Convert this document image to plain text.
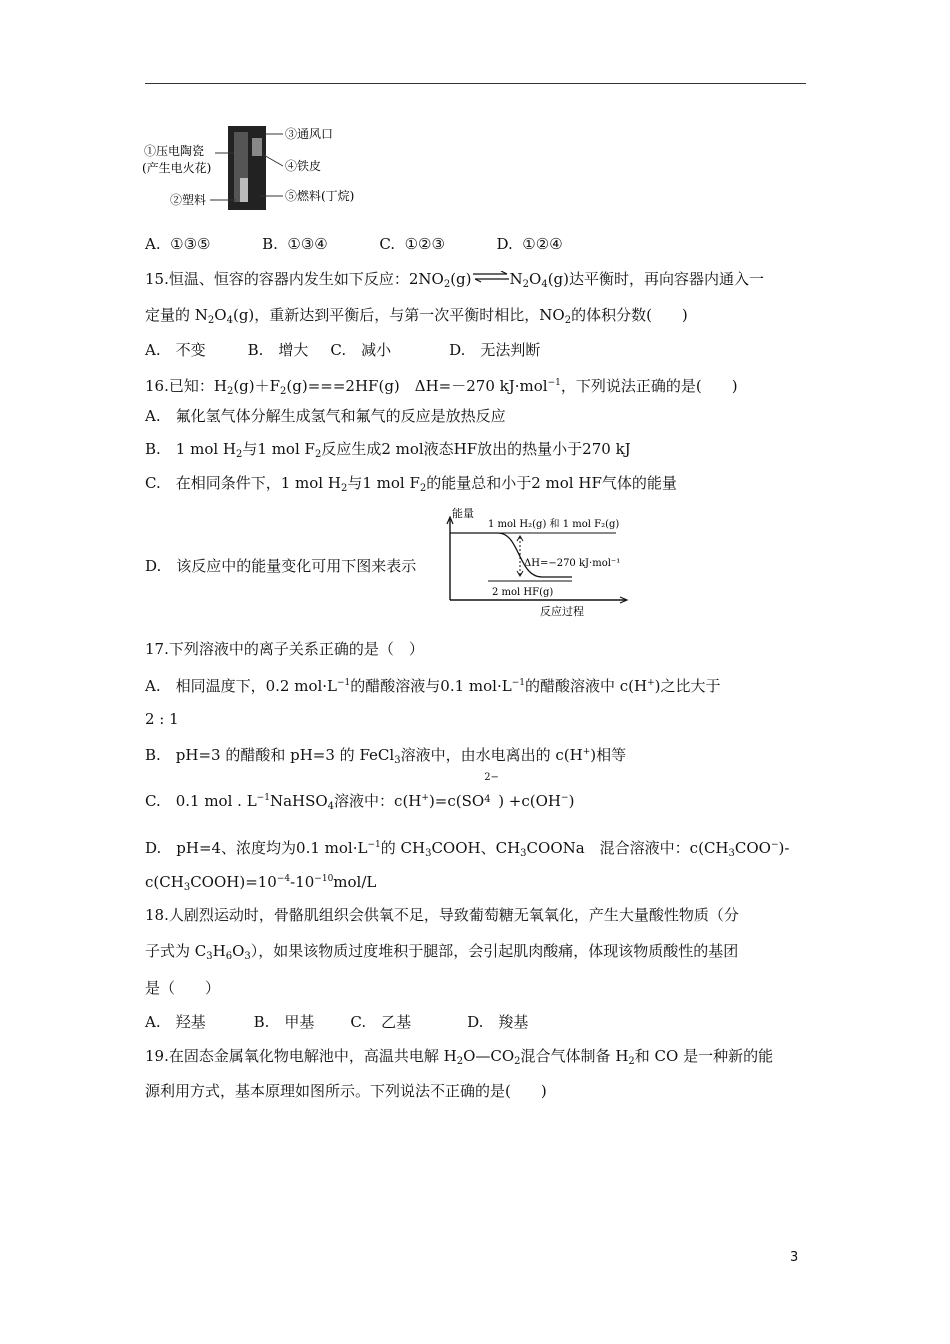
①压电陶瓷
(产生电火花)
②塑料
③通风口
④铁皮
⑤燃料(丁烷)
A. ①③⑤	B. ①③④	C. ①②③	D. ①②④
15.恒温、恒容的容器内发生如下反应：$2NO_2(g)\rightleftharpoons N_2O_4(g)$达平衡时，再向容器内通入一
定量的 $N_2O_4(g)$，重新达到平衡后，与第一次平衡时相比，$NO_2$的体积分数(　　)
A.　不变	B.　增大 C.　减小	D.　无法判断
16.已知：$H_2(g)+F_2(g)===2HF(g)$　ΔH=－270 kJ·mol$^{-1}$，下列说法正确的是(　　)
A.　氟化氢气体分解生成氢气和氟气的反应是放热反应
B.　1 mol $H_2$与1 mol $F_2$反应生成2 mol液态HF放出的热量小于270 kJ
C.　在相同条件下，1 mol $H_2$与1 mol $F_2$的能量总和小于2 mol HF气体的能量
D.　该反应中的能量变化可用下图来表示
能量
1 mol H₂(g) 和 1 mol F₂(g)
ΔH=−270 kJ·mol⁻¹
2 mol HF(g)
反应过程
17.下列溶液中的离子关系正确的是（　）
A.　相同温度下，0.2 $mol\cdot L^{-1}$的醋酸溶液与0.1 $mol\cdot L^{-1}$的醋酸溶液中 c(H+)之比大于
2 : 1
B.　pH=3 的醋酸和 pH=3 的 FeCl$_3$溶液中，由水电离出的 c(H+)相等
C.　0.1 mol . $L^{-1}NaHSO_4$溶液中：c(H+)=c(SO
2−
$^4$ ) +c(OH−)
D.　pH=4、浓度均为0.1 $mol\cdot L^{-1}$的 $CH_3COOH$、$CH_3COONa$　混合溶液中：$c(CH_3COO^-)-$
$c(CH_3COOH)=10^{-4}-10^{-10}mol/L$
18.人剧烈运动时，骨骼肌组织会供氧不足，导致葡萄糖无氧氧化，产生大量酸性物质（分
子式为 $C_3H_6O_3$），如果该物质过度堆积于腿部，会引起肌肉酸痛，体现该物质酸性的基团
是（　　）
A.　羟基	B.　甲基 C.　乙基	D.　羧基
19.在固态金属氧化物电解池中，高温共电解 $H_2O—CO_2$混合气体制备 $H_2$和 CO 是一种新的能
源利用方式，基本原理如图所示。下列说法不正确的是(　　)
3
